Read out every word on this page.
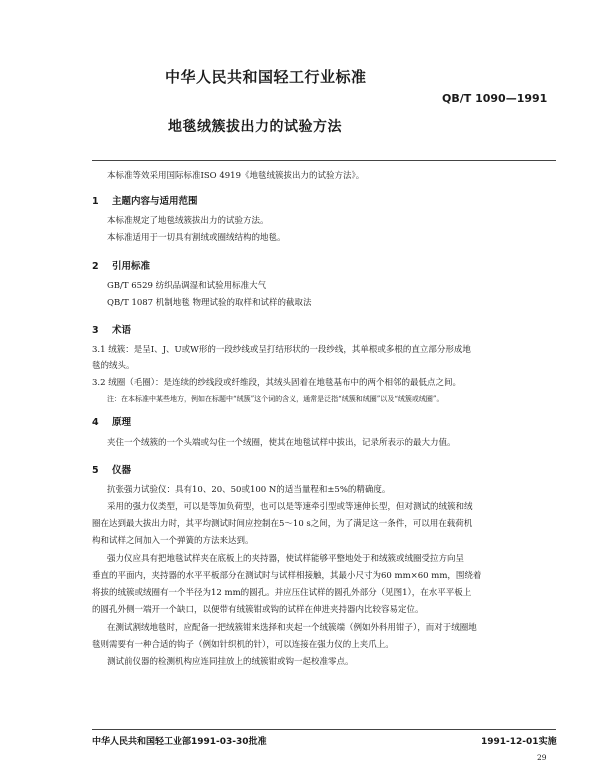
中华人民共和国轻工行业标准
QB/T 1090—1991
地毯绒簇拔出力的试验方法
本标准等效采用国际标准ISO 4919《地毯绒簇拔出力的试验方法》。
1 主题内容与适用范围
本标准规定了地毯绒簇拔出力的试验方法。
本标准适用于一切具有割绒或圈绒结构的地毯。
2 引用标准
GB/T 6529 纺织品调湿和试验用标准大气
QB/T 1087 机制地毯 物理试验的取样和试样的截取法
3 术语
3.1 绒簇：是呈I、J、U或W形的一段纱线或呈打结形状的一段纱线，其单根或多根的直立部分形成地
毯的绒头。
3.2 绒圈（毛圈）：是连续的纱线段或纤维段，其绒头固着在地毯基布中的两个相邻的最低点之间。
注：在本标准中某些地方，例如在标题中“绒簇”这个词的含义，通常是泛指“绒簇和绒圈”以及“绒簇或绒圈”。
4 原理
夹住一个绒簇的一个头端或勾住一个绒圈，使其在地毯试样中拔出，记录所表示的最大力值。
5 仪器
抗张强力试验仪：具有10、20、50或100 N的适当量程和±5%的精确度。
采用的强力仪类型，可以是等加负荷型，也可以是等速牵引型或等速伸长型，但对测试的绒簇和绒
圈在达到最大拔出力时，其平均测试时间应控制在5～10 s之间，为了满足这一条件，可以用在载荷机
构和试样之间加入一个弹簧的方法来达到。
强力仪应具有把地毯试样夹在底板上的夹持器，使试样能够平整地处于和绒簇或绒圈受拉方向呈
垂直的平面内，夹持器的水平平板部分在测试时与试样相接触，其最小尺寸为60 mm×60 mm，围绕着
将拔的绒簇或绒圈有一个半径为12 mm的圆孔。并应压住试样的圆孔外部分（见图1），在水平平板上
的圆孔外侧一端开一个缺口，以便带有绒簇钳或钩的试样在伸进夹持器内比较容易定位。
在测试割绒地毯时，应配备一把绒簇钳来选择和夹起一个绒簇端（例如外科用钳子），而对于绒圈地
毯则需要有一种合适的钩子（例如针织机的针），可以连接在强力仪的上夹爪上。
测试前仪器的检测机构应连同挂放上的绒簇钳或钩一起校准零点。
中华人民共和国轻工业部1991-03-30批准	1991-12-01实施
29
